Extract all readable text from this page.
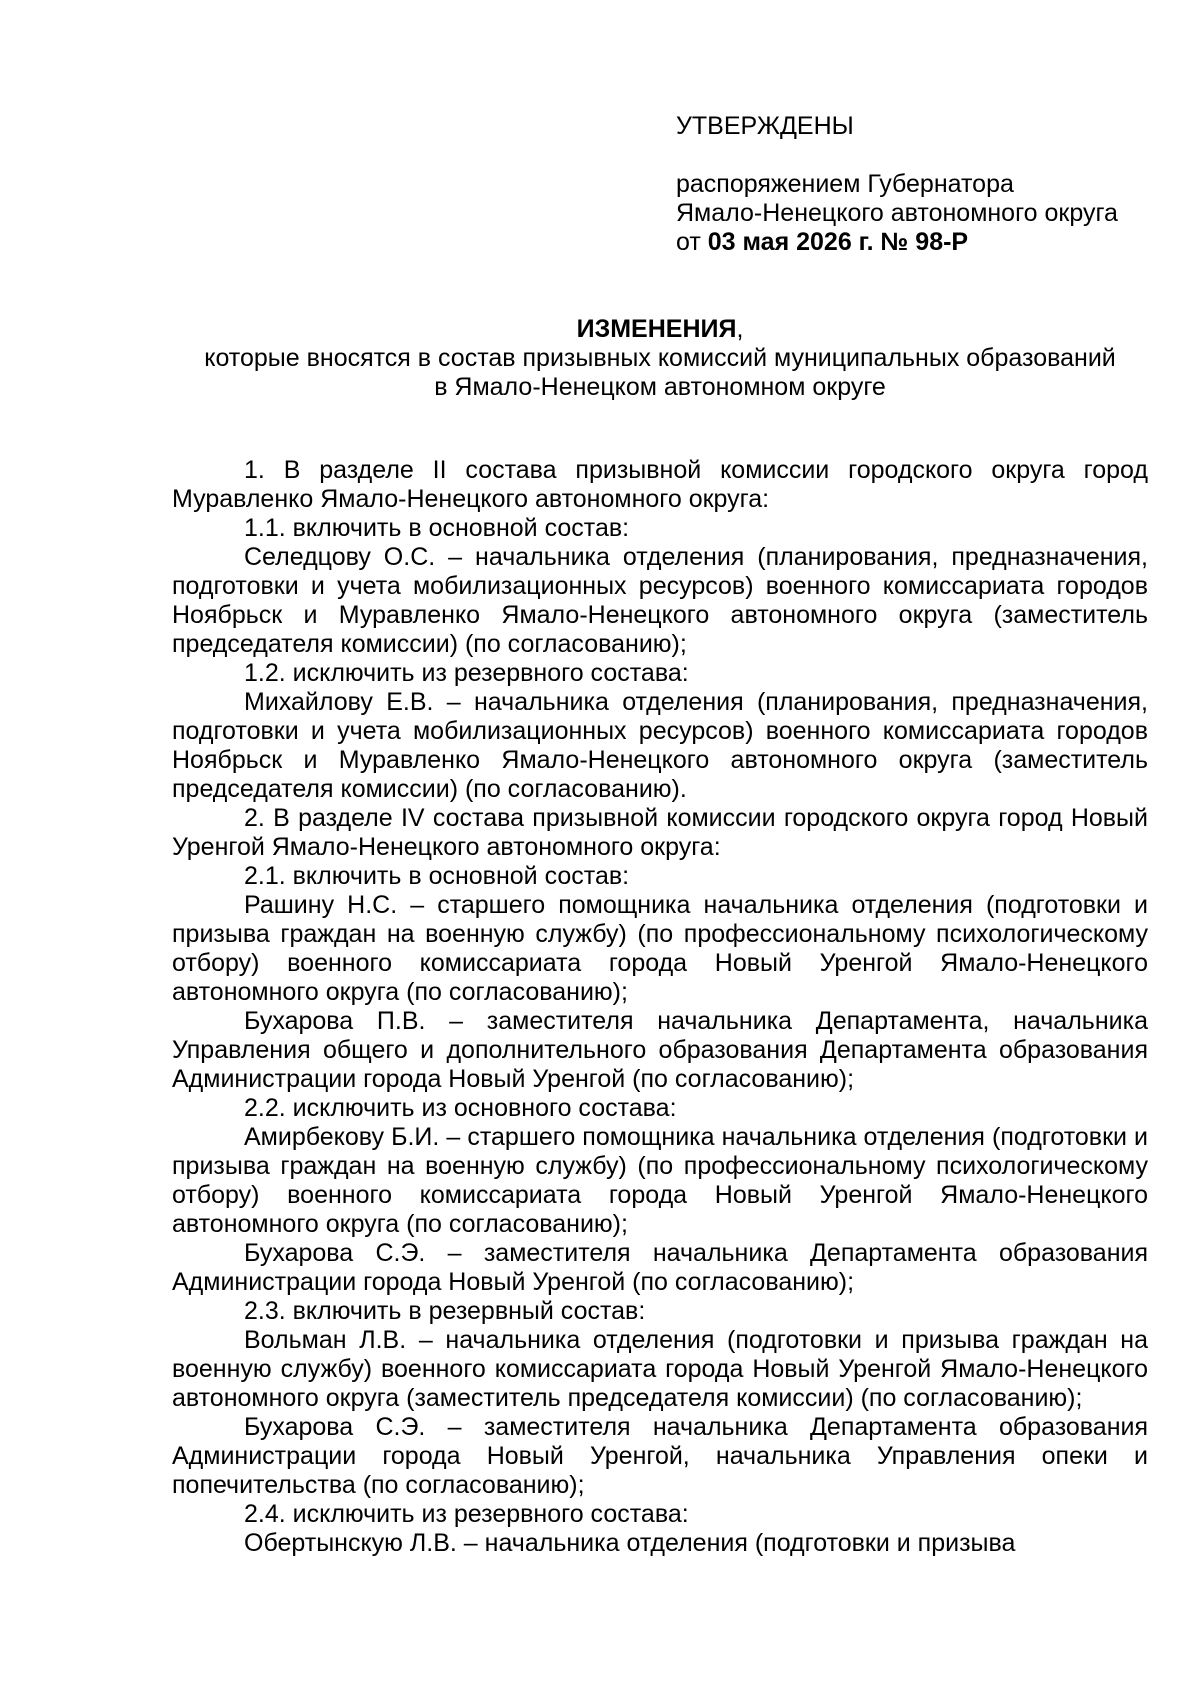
УТВЕРЖДЕНЫ
распоряжением Губернатора
Ямало-Ненецкого автономного округа
от 03 мая 2026 г. № 98-Р
ИЗМЕНЕНИЯ,
которые вносятся в состав призывных комиссий муниципальных образований
в Ямало-Ненецком автономном округе

1. В разделе II состава призывной комиссии городского округа город Муравленко Ямало-Ненецкого автономного округа:

1.1. включить в основной состав:

Селедцову О.С. – начальника отделения (планирования, предназначения, подготовки и учета мобилизационных ресурсов) военного комиссариата городов Ноябрьск и Муравленко Ямало-Ненецкого автономного округа (заместитель председателя комиссии) (по согласованию);

1.2. исключить из резервного состава:

Михайлову Е.В. – начальника отделения (планирования, предназначения, подготовки и учета мобилизационных ресурсов) военного комиссариата городов Ноябрьск и Муравленко Ямало-Ненецкого автономного округа (заместитель председателя комиссии) (по согласованию).

2. В разделе IV состава призывной комиссии городского округа город Новый Уренгой Ямало-Ненецкого автономного округа:

2.1. включить в основной состав:

Рашину Н.С. – старшего помощника начальника отделения (подготовки и призыва граждан на военную службу) (по профессиональному психологическому отбору) военного комиссариата города Новый Уренгой Ямало-Ненецкого автономного округа (по согласованию);

Бухарова П.В. – заместителя начальника Департамента, начальника Управления общего и дополнительного образования Департамента образования Администрации города Новый Уренгой (по согласованию);

2.2. исключить из основного состава:

Амирбекову Б.И. – старшего помощника начальника отделения (подготовки и призыва граждан на военную службу) (по профессиональному психологическому отбору) военного комиссариата города Новый Уренгой Ямало-Ненецкого автономного округа (по согласованию);

Бухарова С.Э. – заместителя начальника Департамента образования Администрации города Новый Уренгой (по согласованию);

2.3. включить в резервный состав:

Вольман Л.В. – начальника отделения (подготовки и призыва граждан на военную службу) военного комиссариата города Новый Уренгой Ямало-Ненецкого автономного округа (заместитель председателя комиссии) (по согласованию);

Бухарова С.Э. – заместителя начальника Департамента образования Администрации города Новый Уренгой, начальника Управления опеки и попечительства (по согласованию);

2.4. исключить из резервного состава:

Обертынскую Л.В. – начальника отделения (подготовки и призыва
